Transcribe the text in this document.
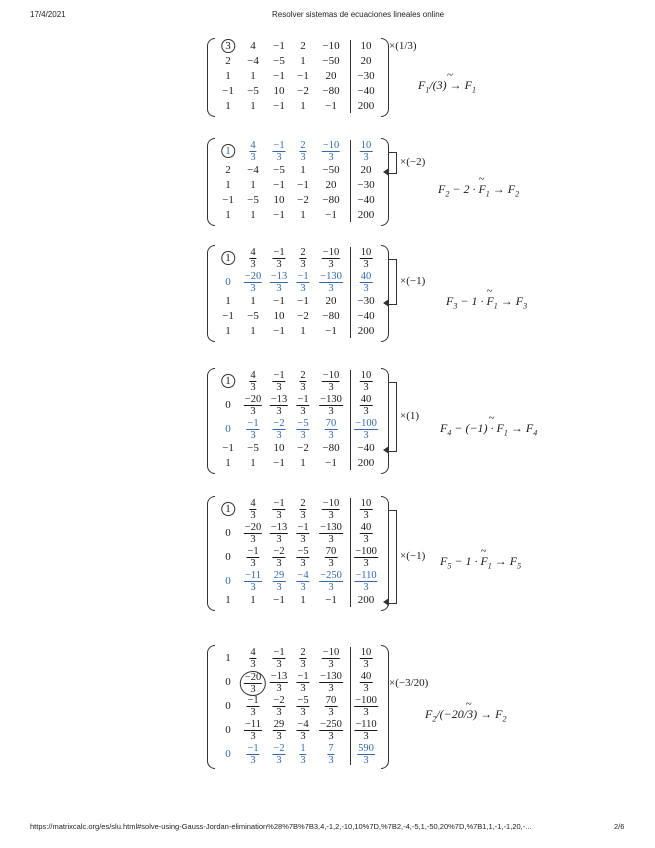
17/4/2021	Resolver sistemas de ecuaciones lineales online
3	4 −1 2 −10 10
2 −4 −5 1 −50 20
1 1 −1 −1 20 −30
−1 −5 10 −2 −80 −40
1 1 −1 1 −1 200
×(1/3)
$F_1/(3) \to F_1$
~
1	$\frac{4}{3} \frac{-1}{3} \frac{2}{3} \frac{-10}{3} \frac{10}{3}$
2 −4 −5 1 −50 20
1 1 −1 −1 20 −30
−1 −5 10 −2 −80 −40
1 1 −1 1 −1 200
×(−2)
$F_2 - 2 \cdot F_1 \to F_2$
~
1	$\frac{4}{3} \frac{-1}{3} \frac{2}{3} \frac{-10}{3} \frac{10}{3}$
$0 \frac{-20}{3} \frac{-13}{3} \frac{-1}{3} \frac{-130}{3} \frac{40}{3}$
1 1 −1 −1 20 −30
−1 −5 10 −2 −80 −40
1 1 −1 1 −1 200
×(−1)
$F_3 - 1 \cdot F_1 \to F_3$
~
1	$\frac{4}{3} \frac{-1}{3} \frac{2}{3} \frac{-10}{3} \frac{10}{3}$
$0 \frac{-20}{3} \frac{-13}{3} \frac{-1}{3} \frac{-130}{3} \frac{40}{3}$
$0 \frac{-1}{3} \frac{-2}{3} \frac{-5}{3} \frac{70}{3} \frac{-100}{3}$
−1 −5 10 −2 −80 −40
1 1 −1 1 −1 200
×(1)
$F_4 - (-1) \cdot F_1 \to F_4$
~
1	$\frac{4}{3} \frac{-1}{3} \frac{2}{3} \frac{-10}{3} \frac{10}{3}$
$0 \frac{-20}{3} \frac{-13}{3} \frac{-1}{3} \frac{-130}{3} \frac{40}{3}$
$0 \frac{-1}{3} \frac{-2}{3} \frac{-5}{3} \frac{70}{3} \frac{-100}{3}$
$0 \frac{-11}{3} \frac{29}{3} \frac{-4}{3} \frac{-250}{3} \frac{-110}{3}$
1 1 −1 1 −1 200
×(−1) $F_5 - 1 \cdot F_1 \to F_5$
~
$1 \frac{4}{3} \frac{-1}{3} \frac{2}{3} \frac{-10}{3} \frac{10}{3}$
$0 \frac{-20}{3} \frac{-13}{3} \frac{-1}{3} \frac{-130}{3} \frac{40}{3}$
$0 \frac{-1}{3} \frac{-2}{3} \frac{-5}{3} \frac{70}{3} \frac{-100}{3}$
$0 \frac{-11}{3} \frac{29}{3} \frac{-4}{3} \frac{-250}{3} \frac{-110}{3}$
$0 \frac{-1}{3} \frac{-2}{3} \frac{1}{3} \frac{7}{3} \frac{590}{3}$
×(−3/20)
$F_2/(-20/3) \to F_2$
~
https://matrixcalc.org/es/slu.html#solve-using-Gauss-Jordan-elimination%28%7B%7B3,4,-1,2,-10,10%7D,%7B2,-4,-5,1,-50,20%7D,%7B1,1,-1,-1,20,-...	2/6
